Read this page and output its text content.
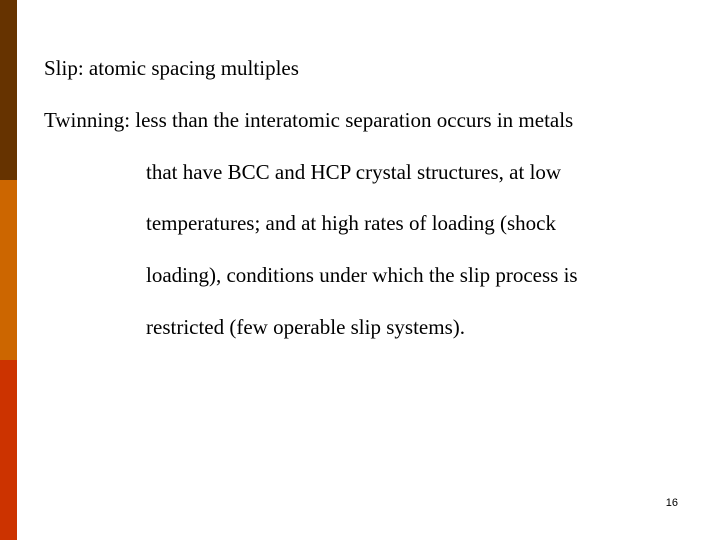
Slip: atomic spacing multiples
Twinning: less than the interatomic separation occurs in metals
that have BCC and HCP crystal structures, at low
temperatures; and at high rates of loading (shock
loading), conditions under which the slip process is
restricted (few operable slip systems).
16
